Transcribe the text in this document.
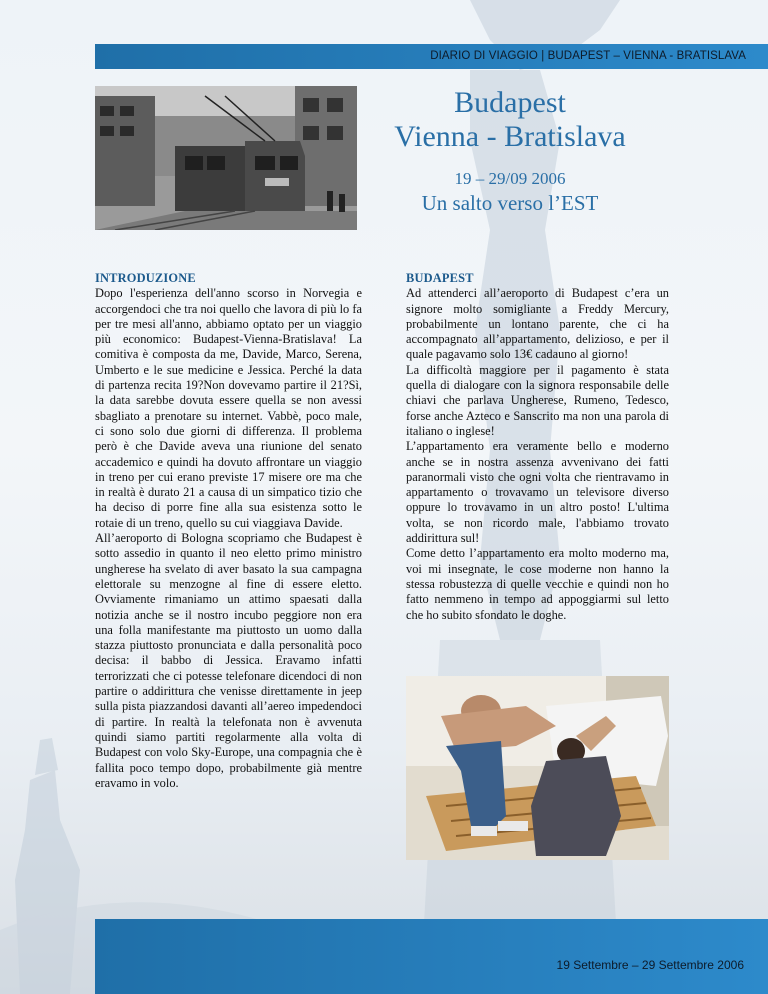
DIARIO DI VIAGGIO | BUDAPEST – VIENNA - BRATISLAVA
Budapest
Vienna - Bratislava
19 – 29/09 2006
Un salto verso l’EST
INTRODUZIONE

Dopo l'esperienza dell'anno scorso in Norvegia e accorgendoci che tra noi quello che lavora di più lo fa per tre mesi all'anno, abbiamo optato per un viaggio più economico: Budapest-Vienna-Bratislava! La comitiva è composta da me, Davide, Marco, Serena, Umberto e le sue medicine e Jessica. Perché la data di partenza recita 19?Non dovevamo partire il 21?Sì, la data sarebbe dovuta essere quella se non avessi sbagliato a prenotare su internet. Vabbè, poco male, ci sono solo due giorni di differenza. Il problema però è che Davide aveva una riunione del senato accademico e quindi ha dovuto affrontare un viaggio in treno per cui erano previste 17 misere ore ma che in realtà è durato 21 a causa di un simpatico tizio che ha deciso di porre fine alla sua esistenza sotto le rotaie di un treno, quello su cui viaggiava Davide.

All’aeroporto di Bologna scopriamo che Budapest è sotto assedio in quanto il neo eletto primo ministro ungherese ha svelato di aver basato la sua campagna elettorale su menzogne al fine di essere eletto. Ovviamente rimaniamo un attimo spaesati dalla notizia anche se il nostro incubo peggiore non era una folla manifestante ma piuttosto un uomo dalla stazza piuttosto pronunciata e dalla personalità poco decisa: il babbo di Jessica. Eravamo infatti terrorizzati che ci potesse telefonare dicendoci di non partire o addirittura che venisse direttamente in jeep sulla pista piazzandosi davanti all’aereo impedendoci di partire. In realtà la telefonata non è avvenuta quindi siamo partiti regolarmente alla volta di Budapest con volo Sky-Europe, una compagnia che è fallita poco tempo dopo, probabilmente già mentre eravamo in volo.

BUDAPEST

Ad attenderci all’aeroporto di Budapest c’era un signore molto somigliante a Freddy Mercury, probabilmente un lontano parente, che ci ha accompagnato all’appartamento, delizioso, e per il quale pagavamo solo 13€ cadauno al giorno!

La difficoltà maggiore per il pagamento è stata quella di dialogare con la signora responsabile delle chiavi che parlava Ungherese, Rumeno, Tedesco, forse anche Azteco e Sanscrito ma non una parola di italiano o inglese!

L’appartamento era veramente bello e moderno anche se in nostra assenza avvenivano dei fatti paranormali visto che ogni volta che rientravamo in appartamento o trovavamo un televisore diverso oppure lo trovavamo in un altro posto! L'ultima volta, se non ricordo male, l'abbiamo trovato addirittura sul!

Come detto l’appartamento era molto moderno ma, voi mi insegnate, le cose moderne non hanno la stessa robustezza di quelle vecchie e quindi non ho fatto nemmeno in tempo ad appoggiarmi sul letto che ho subito sfondato le doghe.

19 Settembre – 29 Settembre 2006
